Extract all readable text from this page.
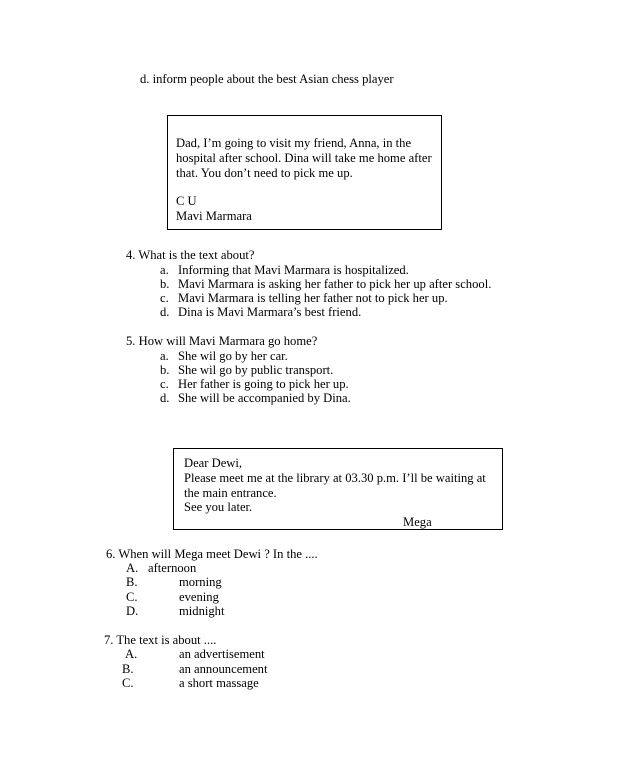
d. inform people about the best Asian chess player
Dad, I’m going to visit my friend, Anna, in the
hospital after school. Dina will take me home after
that. You don’t need to pick me up.
C U
Mavi Marmara
4. What is the text about?
a. Informing that Mavi Marmara is hospitalized.
b. Mavi Marmara is asking her father to pick her up after school.
c. Mavi Marmara is telling her father not to pick her up.
d. Dina is Mavi Marmara’s best friend.
5. How will Mavi Marmara go home?
a. She wil go by her car.
b. She wil go by public transport.
c. Her father is going to pick her up.
d. She will be accompanied by Dina.
Dear Dewi,
Please meet me at the library at 03.30 p.m. I’ll be waiting at
the main entrance.
See you later.
Mega
6. When will Mega meet Dewi ? In the ....
A. afternoon
B.	morning
C.	evening
D.	midnight
7. The text is about ....
A.	an advertisement
B.	an announcement
C.	a short massage
